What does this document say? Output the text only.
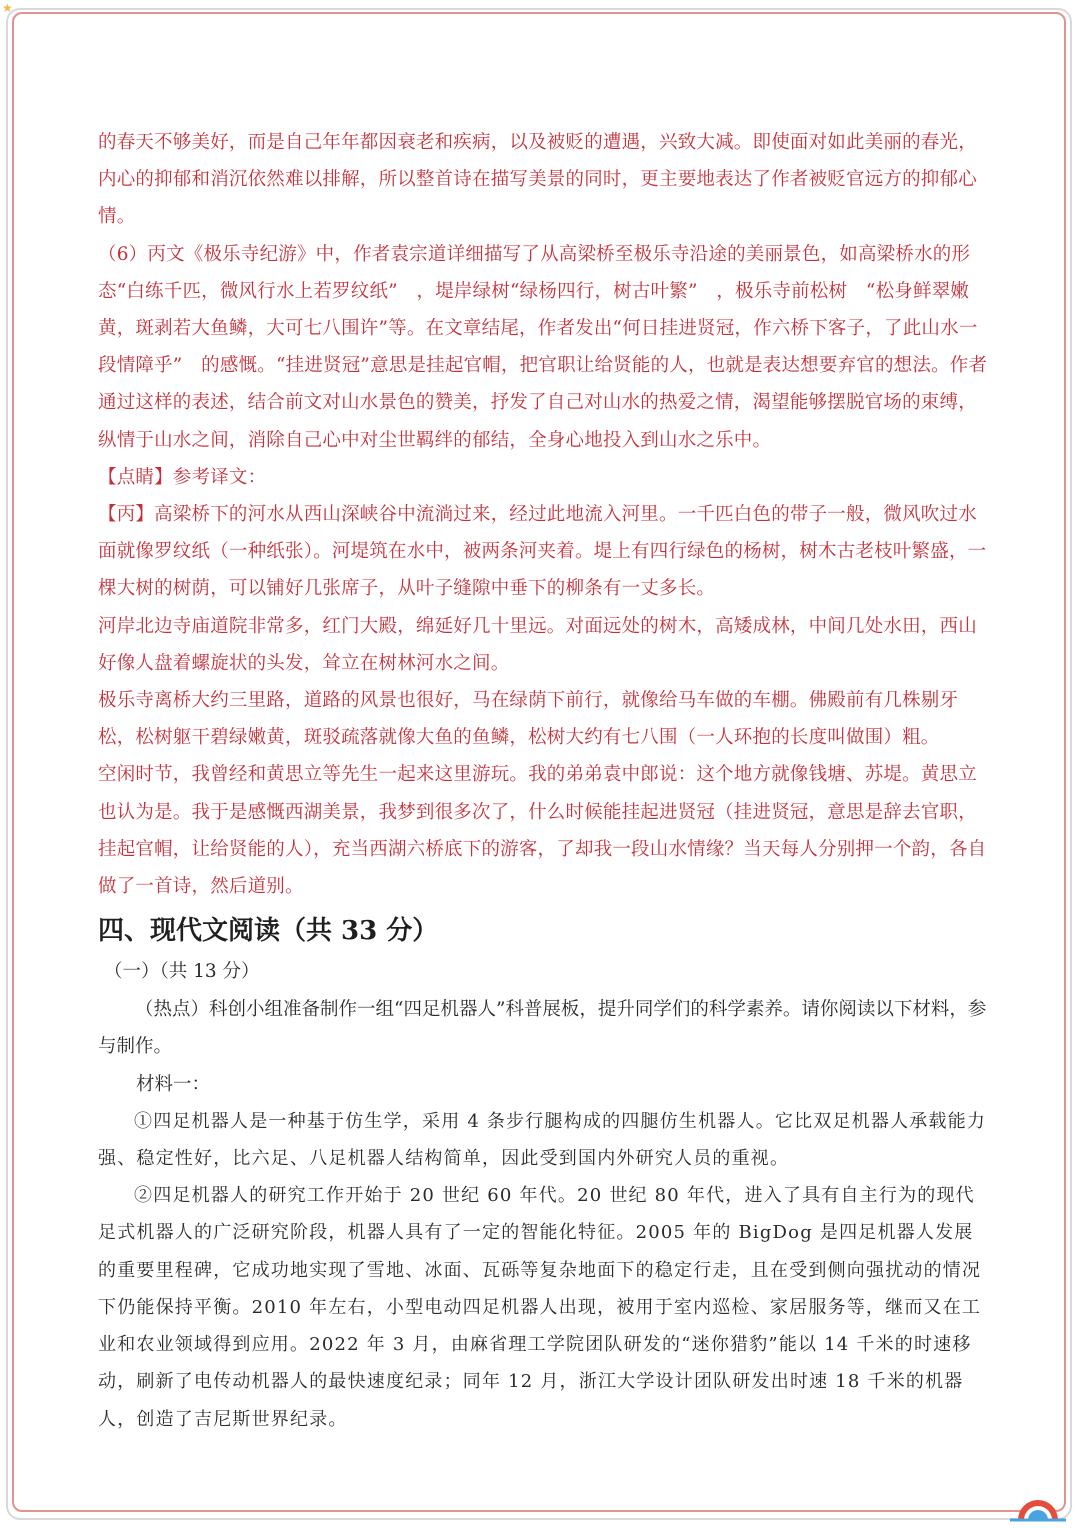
★

的春天不够美好，而是自己年年都因衰老和疾病，以及被贬的遭遇，兴致大减。即使面对如此美丽的春光，内心的抑郁和消沉依然难以排解，所以整首诗在描写美景的同时，更主要地表达了作者被贬官远方的抑郁心情。

（6）丙文《极乐寺纪游》中，作者袁宗道详细描写了从高梁桥至极乐寺沿途的美丽景色，如高梁桥水的形态“白练千匹，微风行水上若罗纹纸”　，堤岸绿树“绿杨四行，树古叶繁”　，极乐寺前松树　“松身鲜翠嫩黄，斑剥若大鱼鳞，大可七八围许”等。在文章结尾，作者发出“何日挂进贤冠，作六桥下客子，了此山水一段情障乎”　的感慨。“挂进贤冠”意思是挂起官帽，把官职让给贤能的人，也就是表达想要弃官的想法。作者通过这样的表述，结合前文对山水景色的赞美，抒发了自己对山水的热爱之情，渴望能够摆脱官场的束缚，纵情于山水之间，消除自己心中对尘世羁绊的郁结，全身心地投入到山水之乐中。

【点睛】参考译文：

【丙】高梁桥下的河水从西山深峡谷中流淌过来，经过此地流入河里。一千匹白色的带子一般，微风吹过水面就像罗纹纸（一种纸张）。河堤筑在水中，被两条河夹着。堤上有四行绿色的杨树，树木古老枝叶繁盛，一棵大树的树荫，可以铺好几张席子，从叶子缝隙中垂下的柳条有一丈多长。

河岸北边寺庙道院非常多，红门大殿，绵延好几十里远。对面远处的树木，高矮成林，中间几处水田，西山好像人盘着螺旋状的头发，耸立在树林河水之间。

极乐寺离桥大约三里路，道路的风景也很好，马在绿荫下前行，就像给马车做的车棚。佛殿前有几株剔牙松，松树躯干碧绿嫩黄，斑驳疏落就像大鱼的鱼鳞，松树大约有七八围（一人环抱的长度叫做围）粗。

空闲时节，我曾经和黄思立等先生一起来这里游玩。我的弟弟袁中郎说：这个地方就像钱塘、苏堤。黄思立也认为是。我于是感慨西湖美景，我梦到很多次了，什么时候能挂起进贤冠（挂进贤冠，意思是辞去官职，挂起官帽，让给贤能的人），充当西湖六桥底下的游客，了却我一段山水情缘？当天每人分别押一个韵，各自做了一首诗，然后道别。

四、现代文阅读（共 33 分）

（一）（共 13 分）

（热点）科创小组准备制作一组“四足机器人”科普展板，提升同学们的科学素养。请你阅读以下材料，参与制作。

材料一：

①四足机器人是一种基于仿生学，采用 4 条步行腿构成的四腿仿生机器人。它比双足机器人承载能力强、稳定性好，比六足、八足机器人结构简单，因此受到国内外研究人员的重视。

②四足机器人的研究工作开始于 20 世纪 60 年代。20 世纪 80 年代，进入了具有自主行为的现代足式机器人的广泛研究阶段，机器人具有了一定的智能化特征。2005 年的 BigDog 是四足机器人发展的重要里程碑，它成功地实现了雪地、冰面、瓦砾等复杂地面下的稳定行走，且在受到侧向强扰动的情况下仍能保持平衡。2010 年左右，小型电动四足机器人出现，被用于室内巡检、家居服务等，继而又在工业和农业领域得到应用。2022 年 3 月，由麻省理工学院团队研发的“迷你猎豹”能以 14 千米的时速移动，刷新了电传动机器人的最快速度纪录；同年 12 月，浙江大学设计团队研发出时速 18 千米的机器人，创造了吉尼斯世界纪录。
